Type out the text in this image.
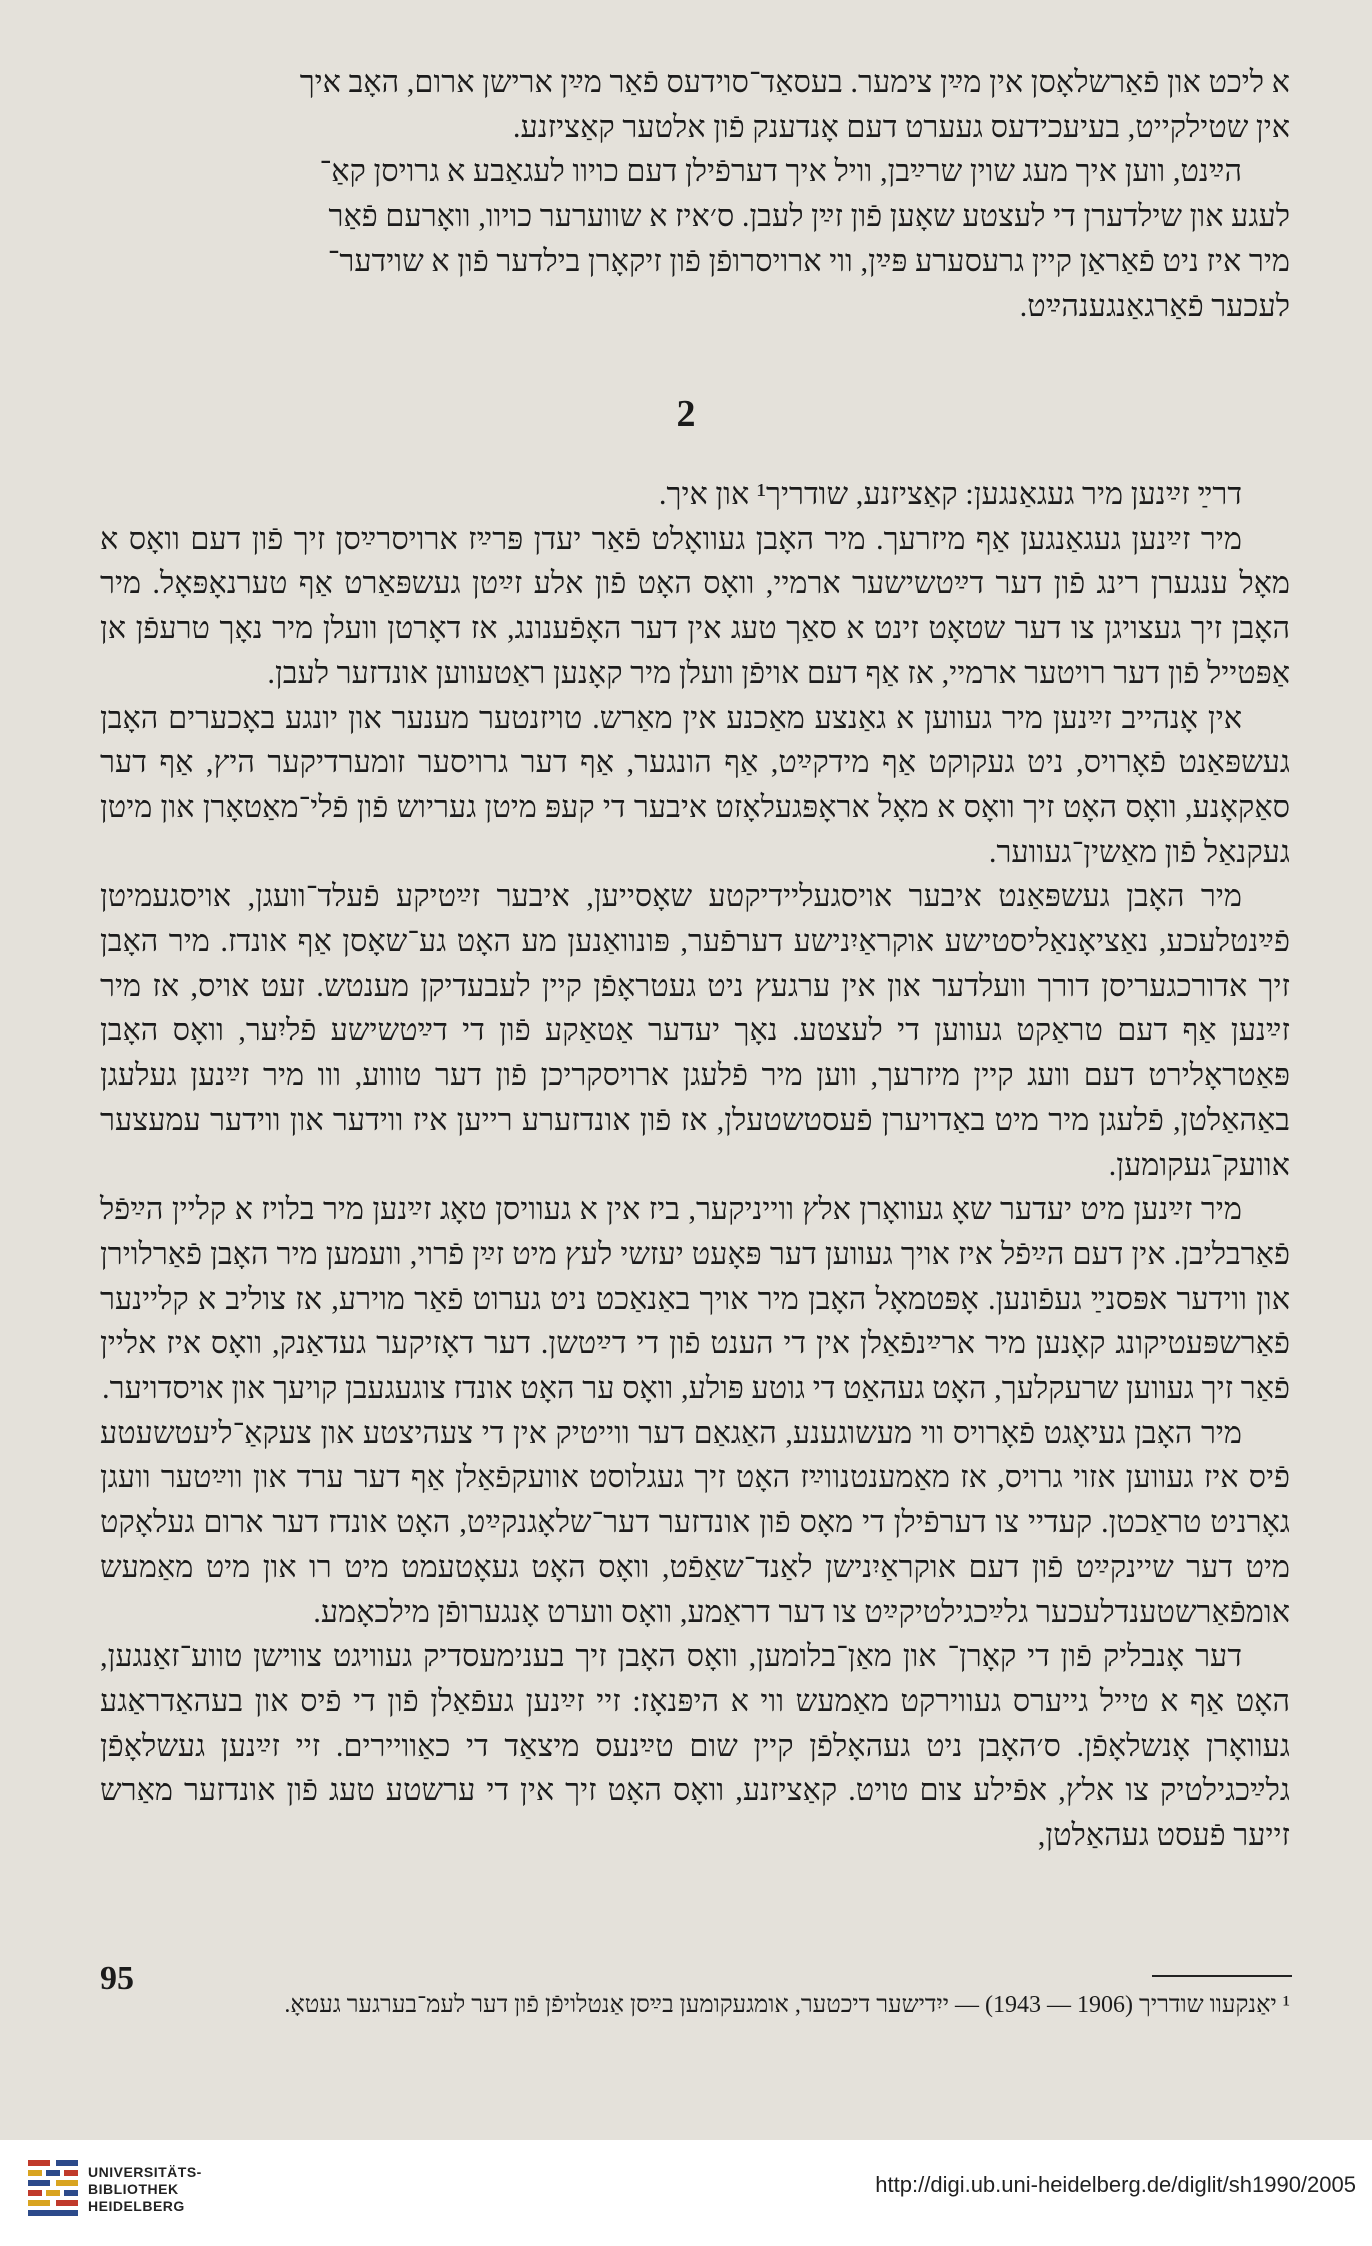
א ליכט און פֿאַרשלאָסן אין מײַן צימער. בעסאַד־סוידעס פֿאַר מײַן ארישן ארום, האָב איך

אין שטילקייט, בעיעכידעס געערט דעם אָנדענק פֿון אלטער קאַציזנע.

הײַנט, ווען איך מעג שוין שרײַבן, וויל איך דערפֿילן דעם כויוו לעגאַבע א גרויסן קאַ־

לעגע און שילדערן די לעצטע שאָען פֿון זײַן לעבן. ס׳איז א שווערער כויוו, וואָרעם פֿאַר

מיר איז ניט פֿאַראַן קיין גרעסערע פּײַן, ווי ארויסרופֿן פֿון זיקאָרן בילדער פֿון א שוידער־

לעכער פֿאַרגאַנגענהײַט.

2

דרײַ זײַנען מיר געגאַנגען: קאַציזנע, שודריך¹ און איך.

מיר זײַנען געגאַנגען אַף מיזרעך. מיר האָבן געוואָלט פֿאַר יעדן פּרײַז ארויסרײַסן זיך פֿון דעם וואָס א מאָל ענגערן רינג פֿון דער דײַטשישער ארמיי, וואָס האָט פֿון אלע זײַטן געשפּאַרט אַף טערנאָפּאָל. מיר האָבן זיך געצויגן צו דער שטאָט זינט א סאַך טעג אין דער האָפֿענונג, אז דאָרטן וועלן מיר נאָך טרעפֿן אן אַפּטייל פֿון דער רויטער ארמיי, אז אַף דעם אויפֿן וועלן מיר קאָנען ראַטעווען אונדזער לעבן.

אין אָנהייב זײַנען מיר געווען א גאַנצע מאַכנע אין מאַרש. טויזנטער מענער און יונגע באָכערים האָבן געשפּאַנט פֿאָרויס, ניט געקוקט אַף מידקײַט, אַף הונגער, אַף דער גרויסער זומערדיקער היץ, אַף דער סאַקאָנע, וואָס האָט זיך וואָס א מאָל אראָפּגעלאָזט איבער די קעפּ מיטן געריוש פֿון פֿלי־מאַטאָרן און מיטן געקנאַל פֿון מאַשין־געווער.

מיר האָבן געשפּאַנט איבער אויסגעליידיקטע שאָסייען, איבער זײַטיקע פֿעלד־וועגן, אויסגעמיטן פֿײַנטלעכע, נאַציאָנאַליסטישע אוקראַיִנישע דערפֿער, פּונוואַנען מע האָט גע־שאָסן אַף אונדז. מיר האָבן זיך אדורכגעריסן דורך וועלדער און אין ערגעץ ניט געטראָפֿן קיין לעבעדיקן מענטש. זעט אויס, אז מיר זײַנען אַף דעם טראַקט געווען די לעצטע. נאָך יעדער אַטאַקע פֿון די דײַטשישע פֿליִער, וואָס האָבן פּאַטראָלירט דעם וועג קיין מיזרעך, ווען מיר פֿלעגן ארויסקריכן פֿון דער טוווע, ווו מיר זײַנען געלעגן באַהאַלטן, פֿלעגן מיר מיט באַדויערן פֿעסטשטעלן, אז פֿון אונדזערע רייען איז ווידער און ווידער עמעצער אוועק־געקומען.

מיר זײַנען מיט יעדער שאָ געוואָרן אלץ ווייניקער, ביז אין א געוויסן טאָג זײַנען מיר בלויז א קליין הײַפֿל פֿאַרבליבן. אין דעם הײַפֿל איז אויך געווען דער פּאָעט יעזשי לעץ מיט זײַן פֿרוי, וועמען מיר האָבן פֿאַרלוירן און ווידער אפּסנײַ געפֿונען. אָפּטמאָל האָבן מיר אויך באַנאַכט ניט גערוט פֿאַר מוירע, אז צוליב א קליינער פֿאַרשפּעטיקונג קאָנען מיר ארײַנפֿאַלן אין די הענט פֿון די דײַטשן. דער דאָזיקער געדאַנק, וואָס איז אליין פֿאַר זיך געווען שרעקלעך, האָט געהאַט די גוטע פּולע, וואָס ער האָט אונדז צוגעגעבן קויעך און אויסדויער.

מיר האָבן געיאָגט פֿאָרויס ווי מעשוגענע, האַגאַם דער ווייטיק אין די צעהיצטע און צעקאַ־ליעטשעטע פֿיס איז געווען אזוי גרויס, אז מאַמענטנווײַז האָט זיך געגלוסט אוועקפֿאַלן אַף דער ערד און ווײַטער וועגן גאָרניט טראַכטן. קעדיי צו דערפֿילן די מאָס פֿון אונדזער דער־שלאָגנקײַט, האָט אונדז דער ארום געלאָקט מיט דער שיינקײַט פֿון דעם אוקראַיִנישן לאַנד־שאַפֿט, וואָס האָט געאָטעמט מיט רו און מיט מאַמעש אומפֿאַרשטענדלעכער גלײַכגילטיקײַט צו דער דראַמע, וואָס ווערט אָנגערופֿן מילכאָמע.

דער אָנבליק פֿון די קאָרן־ און מאַן־בלומען, וואָס האָבן זיך בענימעסדיק געוויגט צווישן טווע־זאַנגען, האָט אַף א טייל גייערס געווירקט מאַמעש ווי א היפּנאָז: זיי זײַנען געפֿאַלן פֿון די פֿיס און בעהאַדראַגע געוואָרן אָנשלאָפֿן. ס׳האָבן ניט געהאָלפֿן קיין שום טײַנעס מיצאַד די כאַוויירים. זיי זײַנען געשלאָפֿן גלײַכגילטיק צו אלץ, אפֿילע צום טויט. קאַציזנע, וואָס האָט זיך אין די ערשטע טעג פֿון אונדזער מאַרש זייער פֿעסט געהאַלטן,

¹ יאַנקעוו שודריך (1906 — 1943) — ייִדישער דיכטער, אומגעקומען בײַסן אַנטלויפֿן פֿון דער לעמ־בערגער געטאָ.
95
UNIVERSITÄTS-
BIBLIOTHEK
HEIDELBERG
http://digi.ub.uni-heidelberg.de/diglit/sh1990/2005
